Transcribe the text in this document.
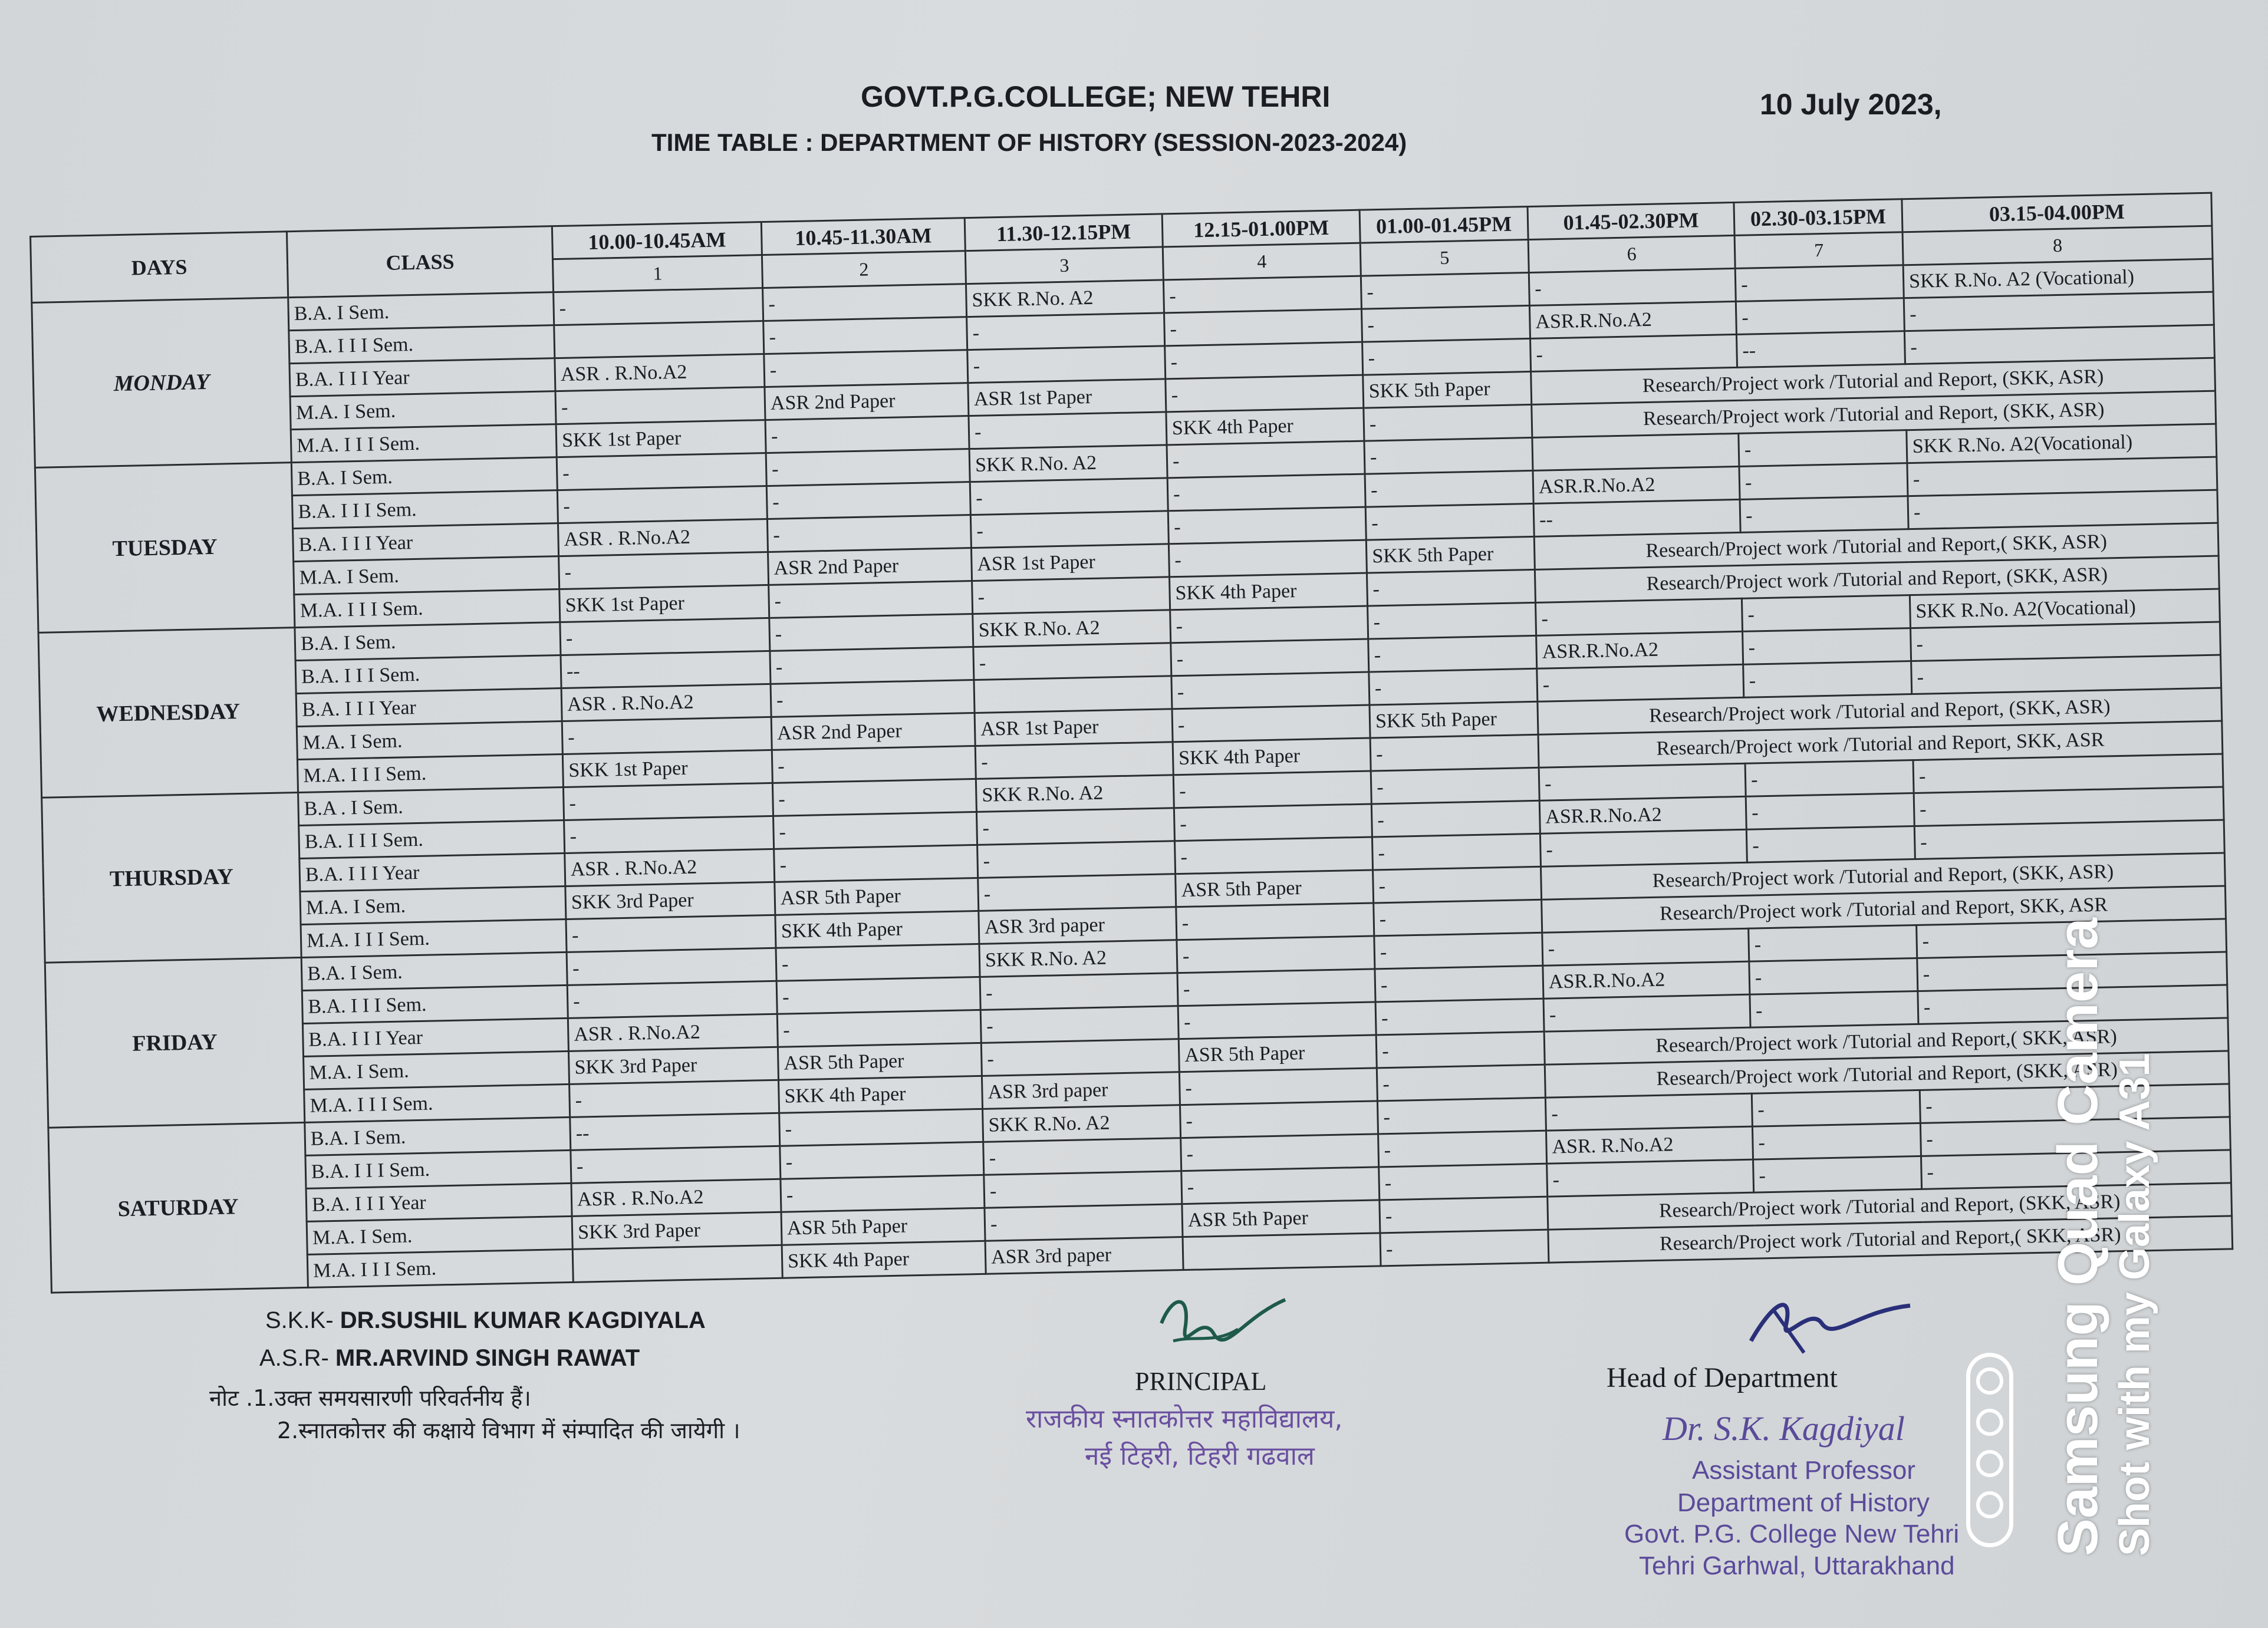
GOVT.P.G.COLLEGE; NEW TEHRI
TIME TABLE : DEPARTMENT OF HISTORY (SESSION-2023-2024)
10 July 2023,
DAYS	CLASS	10.00-10.45AM	10.45-11.30AM	11.30-12.15PM	12.15-01.00PM	01.00-01.45PM	01.45-02.30PM	02.30-03.15PM	03.15-04.00PM
		1	2	3	4	5	6	7	8
MONDAY	B.A. I Sem.	-	-	SKK R.No. A2	-	-	-	-	SKK R.No. A2 (Vocational)
	B.A. I I I Sem.		-	-	-	-	ASR.R.No.A2	-	-
	B.A. I I I Year	ASR . R.No.A2	-	-	-	-	-	--	-
	M.A. I Sem.	-	ASR 2nd Paper	ASR 1st Paper	-	SKK 5th Paper	Research/Project work /Tutorial and Report, (SKK, ASR)		
	M.A. I I I Sem.	SKK 1st Paper	-	-	SKK 4th Paper	-	Research/Project work /Tutorial and Report, (SKK, ASR)		
TUESDAY	B.A. I Sem.	-	-	SKK R.No. A2	-	-		-	SKK R.No. A2(Vocational)
	B.A. I I I Sem.	-	-	-	-	-	ASR.R.No.A2	-	-
	B.A. I I I Year	ASR . R.No.A2	-	-	-	-	--	-	-
	M.A. I Sem.	-	ASR 2nd Paper	ASR 1st Paper	-	SKK 5th Paper	Research/Project work /Tutorial and Report,( SKK, ASR)		
	M.A. I I I Sem.	SKK 1st Paper	-	-	SKK 4th Paper	-	Research/Project work /Tutorial and Report, (SKK, ASR)		
WEDNESDAY	B.A. I Sem.	-	-	SKK R.No. A2	-	-	-	-	SKK R.No. A2(Vocational)
	B.A. I I I Sem.	--	-	-	-	-	ASR.R.No.A2	-	-
	B.A. I I I Year	ASR . R.No.A2	-		-	-	-	-	-
	M.A. I Sem.	-	ASR 2nd Paper	ASR 1st Paper	-	SKK 5th Paper	Research/Project work /Tutorial and Report, (SKK, ASR)		
	M.A. I I I Sem.	SKK 1st Paper	-	-	SKK 4th Paper	-	Research/Project work /Tutorial and Report, SKK, ASR		
THURSDAY	B.A . I Sem.	-	-	SKK R.No. A2	-	-	-	-	-
	B.A. I I I Sem.	-	-	-	-	-	ASR.R.No.A2	-	-
	B.A. I I I Year	ASR . R.No.A2	-	-	-	-	-	-	-
	M.A. I Sem.	SKK 3rd Paper	ASR 5th Paper	-	ASR 5th Paper	-	Research/Project work /Tutorial and Report, (SKK, ASR)		
	M.A. I I I Sem.	-	SKK 4th Paper	ASR 3rd paper	-	-	Research/Project work /Tutorial and Report, SKK, ASR		
FRIDAY	B.A. I Sem.	-	-	SKK R.No. A2	-	-	-	-	-
	B.A. I I I Sem.	-	-	-	-	-	ASR.R.No.A2	-	-
	B.A. I I I Year	ASR . R.No.A2	-	-	-	-	-	-	-
	M.A. I Sem.	SKK 3rd Paper	ASR 5th Paper	-	ASR 5th Paper	-	Research/Project work /Tutorial and Report,( SKK, ASR)		
	M.A. I I I Sem.	-	SKK 4th Paper	ASR 3rd paper	-	-	Research/Project work /Tutorial and Report, (SKK, ASR)		
SATURDAY	B.A. I Sem.	--	-	SKK R.No. A2	-	-	-	-	-
	B.A. I I I Sem.	-	-	-	-	-	ASR. R.No.A2	-	-
	B.A. I I I Year	ASR . R.No.A2	-	-	-	-	-	-	-
	M.A. I Sem.	SKK 3rd Paper	ASR 5th Paper	-	ASR 5th Paper	-	Research/Project work /Tutorial and Report, (SKK, ASR)		
	M.A. I I I Sem.		SKK 4th Paper	ASR 3rd paper		-	Research/Project work /Tutorial and Report,( SKK, ASR)		
S.K.K- DR.SUSHIL KUMAR KAGDIYALA
A.S.R- MR.ARVIND SINGH RAWAT
नोट .1.उक्त समयसारणी परिवर्तनीय हैं।
2.स्नातकोत्तर की कक्षाये विभाग में संम्पादित की जायेगी ।
PRINCIPAL
राजकीय स्नातकोत्तर महाविद्यालय,
नई टिहरी, टिहरी गढवाल
Head of Department
Dr. S.K. Kagdiyal
Assistant Professor
Department of History
Govt. P.G. College New Tehri
Tehri Garhwal, Uttarakhand
Samsung Quad Camera Shot with my Galaxy A31
